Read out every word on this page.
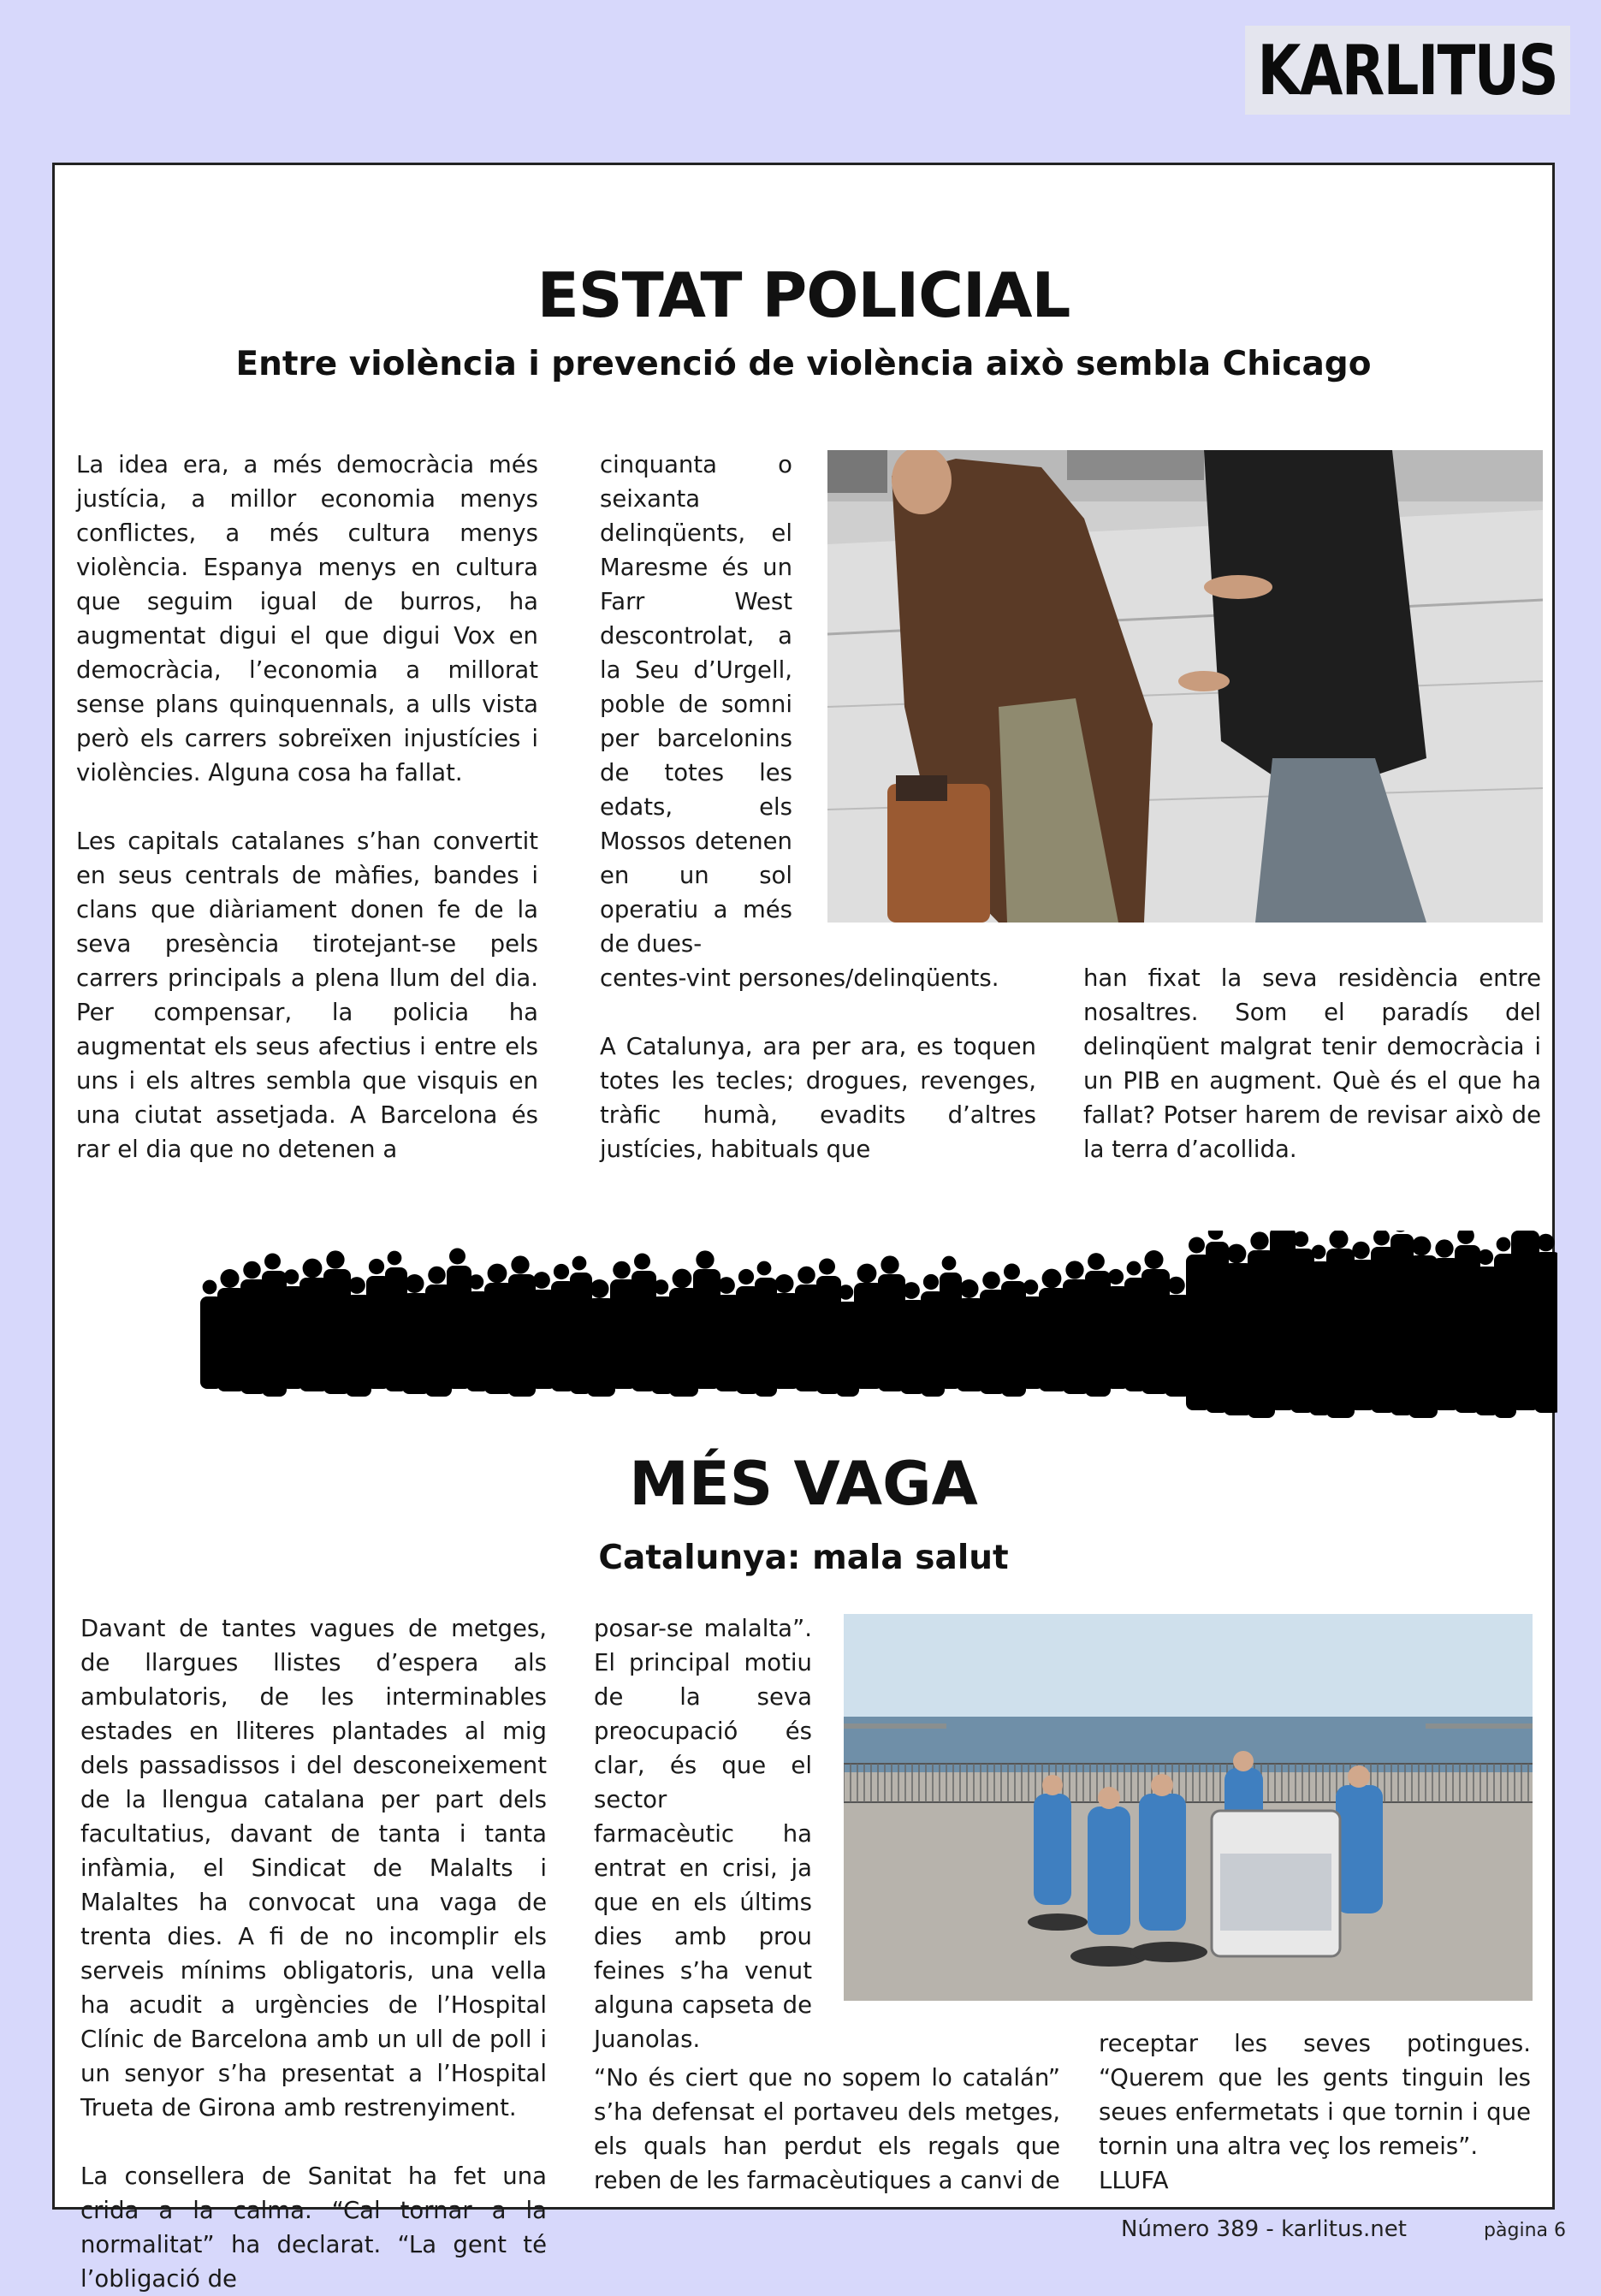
KARLITUS
ESTAT POLICIAL
Entre violència i prevenció de violència això sembla Chicago

La idea era, a més democràcia més justícia, a millor economia menys conflictes, a més cultura menys violència. Espanya menys en cultura que seguim igual de burros, ha augmentat digui el que digui Vox en democràcia, l’economia a millorat sense plans quinquennals, a ulls vista però els carrers sobreïxen injustícies i violències. Alguna cosa ha fallat.

Les capitals catalanes s’han convertit en seus centrals de màfies, bandes i clans que diàriament donen fe de la seva presència tirotejant-se pels carrers principals a plena llum del dia. Per compensar, la policia ha augmentat els seus afectius i entre els uns i els altres sembla que visquis en una ciutat assetjada. A Barcelona és rar el dia que no detenen a

cinquanta o seixanta delinqüents, el Maresme és un Farr West descontrolat, a la Seu d’Urgell, poble de somni per barcelonins de totes les edats, els Mossos detenen en un sol operatiu a més de dues-

centes-vint persones/delinqüents.

A Catalunya, ara per ara, es toquen totes les tecles; drogues, revenges, tràfic humà, evadits d’altres justícies, habituals que

han fixat la seva residència entre nosaltres. Som el paradís del delinqüent malgrat tenir democràcia i un PIB en augment. Què és el que ha fallat? Potser harem de revisar això de la terra d’acollida.

MÉS VAGA
Catalunya: mala salut

Davant de tantes vagues de metges, de llargues llistes d’espera als ambulatoris, de les interminables estades en lliteres plantades al mig dels passadissos i del desconeixement de la llengua catalana per part dels facultatius, davant de tanta i tanta infàmia, el Sindicat de Malalts i Malaltes ha convocat una vaga de trenta dies. A fi de no incomplir els serveis mínims obligatoris, una vella ha acudit a urgències de l’Hospital Clínic de Barcelona amb un ull de poll i un senyor s’ha presentat a l’Hospital Trueta de Girona amb restrenyiment.

La consellera de Sanitat ha fet una crida a la calma. “Cal tornar a la normalitat” ha declarat. “La gent té l’obligació de

posar-se malalta”. El principal motiu de la seva preocupació és clar, és que el sector farmacèutic ha entrat en crisi, ja que en els últims dies amb prou feines s’ha venut alguna capseta de Juanolas.

“No és ciert que no sopem lo catalán” s’ha defensat el portaveu dels metges, els quals han perdut els regals que reben de les farmacèutiques a canvi de

receptar les seves potingues. “Querem que les gents tinguin les seues enfermetats i que tornin i que tornin una altra veç los remeis”.

LLUFA
Número 389 - karlitus.net	pàgina 6
